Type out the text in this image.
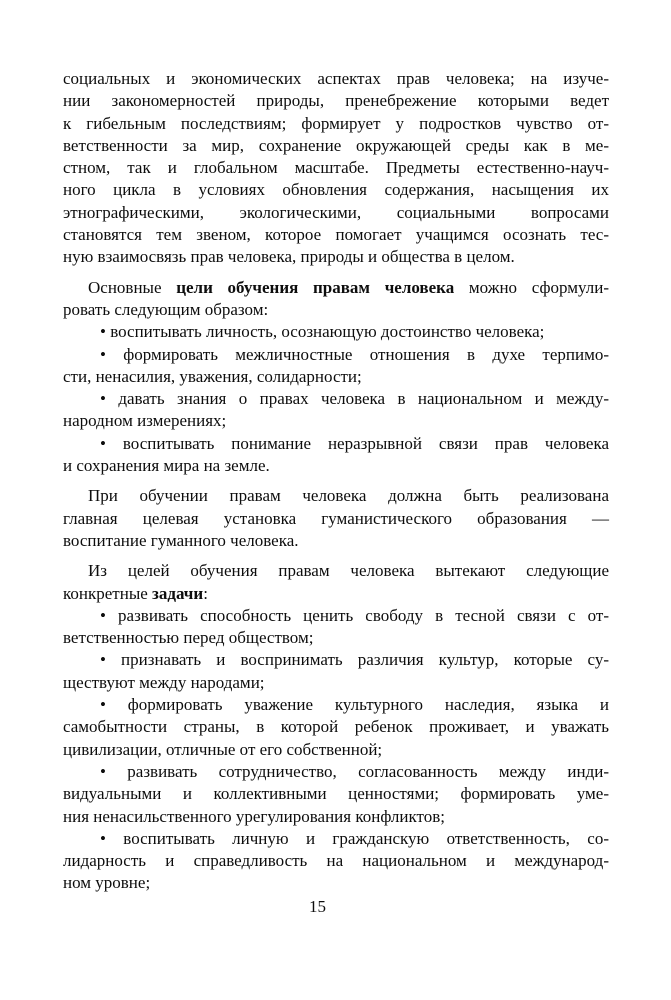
социальных и экономических аспектах прав человека; на изуче-
нии закономерностей природы, пренебрежение которыми ведет
к гибельным последствиям; формирует у подростков чувство от-
ветственности за мир, сохранение окружающей среды как в ме-
стном, так и глобальном масштабе. Предметы естественно-науч-
ного цикла в условиях обновления содержания, насыщения их
этнографическими, экологическими, социальными вопросами
становятся тем звеном, которое помогает учащимся осознать тес-
ную взаимосвязь прав человека, природы и общества в целом.
Основные цели обучения правам человека можно сформули-
ровать следующим образом:
• воспитывать личность, осознающую достоинство человека;
• формировать межличностные отношения в духе терпимо-
сти, ненасилия, уважения, солидарности;
• давать знания о правах человека в национальном и между-
народном измерениях;
• воспитывать понимание неразрывной связи прав человека
и сохранения мира на земле.
При обучении правам человека должна быть реализована
главная целевая установка гуманистического образования —
воспитание гуманного человека.
Из целей обучения правам человека вытекают следующие
конкретные задачи:
• развивать способность ценить свободу в тесной связи с от-
ветственностью перед обществом;
• признавать и воспринимать различия культур, которые су-
ществуют между народами;
• формировать уважение культурного наследия, языка и
самобытности страны, в которой ребенок проживает, и уважать
цивилизации, отличные от его собственной;
• развивать сотрудничество, согласованность между инди-
видуальными и коллективными ценностями; формировать уме-
ния ненасильственного урегулирования конфликтов;
• воспитывать личную и гражданскую ответственность, со-
лидарность и справедливость на национальном и международ-
ном уровне;
15
